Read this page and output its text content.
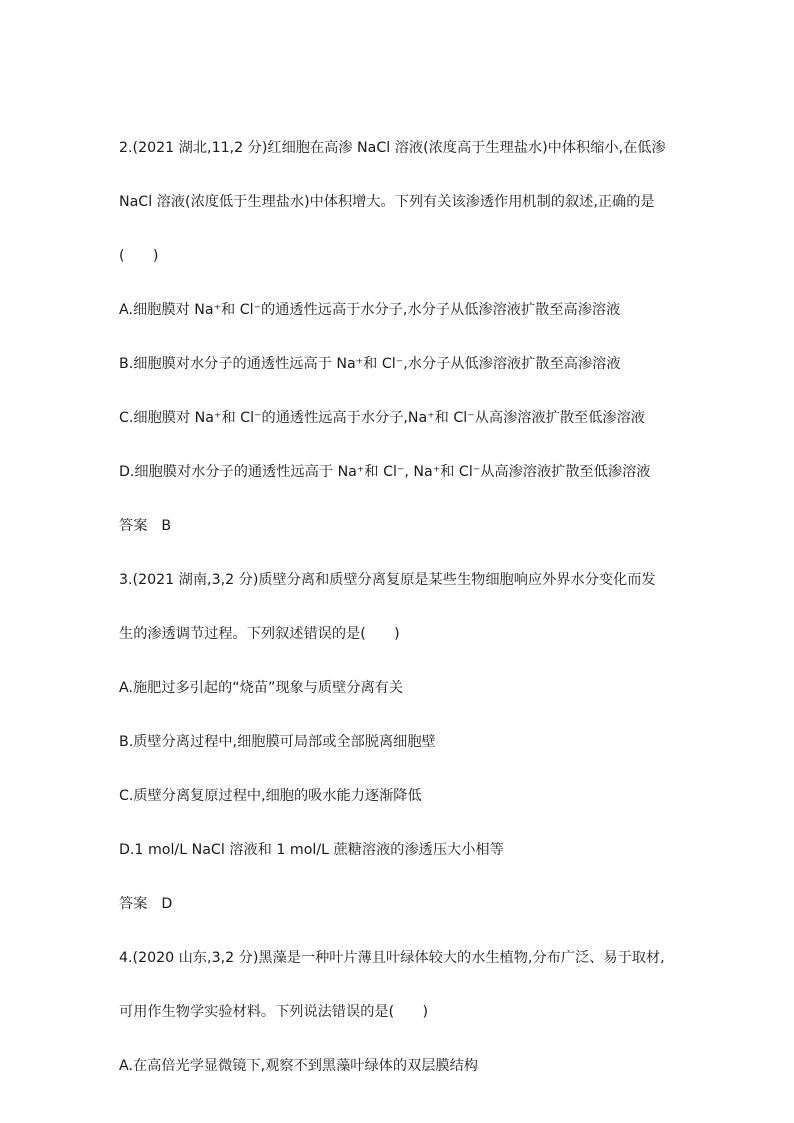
2.(2021 湖北,11,2 分)红细胞在高渗 NaCl 溶液(浓度高于生理盐水)中体积缩小,在低渗
NaCl 溶液(浓度低于生理盐水)中体积增大。下列有关该渗透作用机制的叙述,正确的是
(　　)
A.细胞膜对 Na⁺和 Cl⁻的通透性远高于水分子,水分子从低渗溶液扩散至高渗溶液
B.细胞膜对水分子的通透性远高于 Na⁺和 Cl⁻,水分子从低渗溶液扩散至高渗溶液
C.细胞膜对 Na⁺和 Cl⁻的通透性远高于水分子,Na⁺和 Cl⁻从高渗溶液扩散至低渗溶液
D.细胞膜对水分子的通透性远高于 Na⁺和 Cl⁻, Na⁺和 Cl⁻从高渗溶液扩散至低渗溶液
答案 B
3.(2021 湖南,3,2 分)质壁分离和质壁分离复原是某些生物细胞响应外界水分变化而发
生的渗透调节过程。下列叙述错误的是(　　)
A.施肥过多引起的“烧苗”现象与质壁分离有关
B.质壁分离过程中,细胞膜可局部或全部脱离细胞壁
C.质壁分离复原过程中,细胞的吸水能力逐渐降低
D.1 mol/L NaCl 溶液和 1 mol/L 蔗糖溶液的渗透压大小相等
答案 D
4.(2020 山东,3,2 分)黑藻是一种叶片薄且叶绿体较大的水生植物,分布广泛、易于取材,
可用作生物学实验材料。下列说法错误的是(　　)
A.在高倍光学显微镜下,观察不到黑藻叶绿体的双层膜结构
